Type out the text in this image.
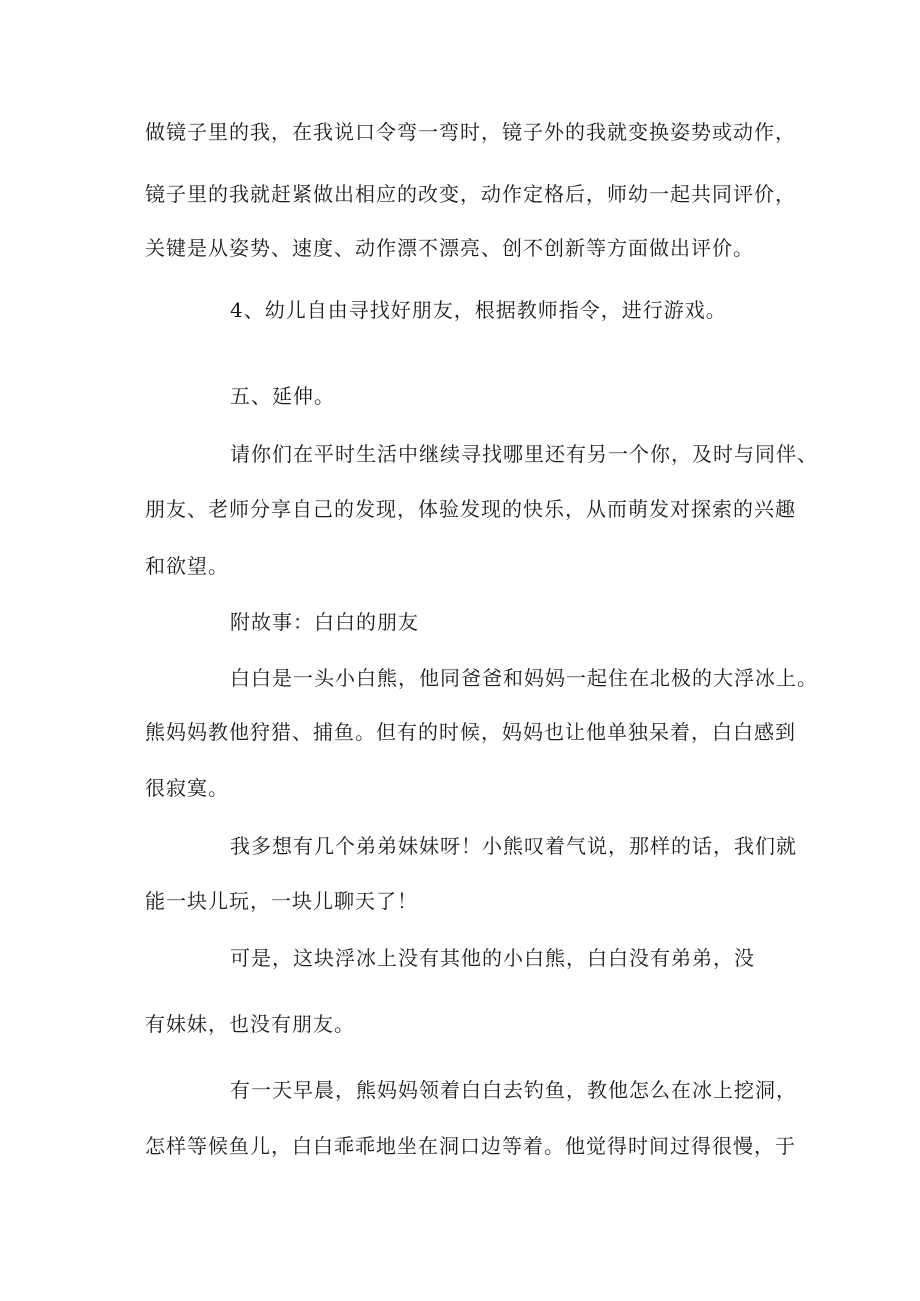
做镜子里的我，在我说口令弯一弯时，镜子外的我就变换姿势或动作，
镜子里的我就赶紧做出相应的改变，动作定格后，师幼一起共同评价，
关键是从姿势、速度、动作漂不漂亮、创不创新等方面做出评价。
4、幼儿自由寻找好朋友，根据教师指令，进行游戏。
五、延伸。
请你们在平时生活中继续寻找哪里还有另一个你，及时与同伴、
朋友、老师分享自己的发现，体验发现的快乐，从而萌发对探索的兴趣
和欲望。
附故事：白白的朋友
白白是一头小白熊，他同爸爸和妈妈一起住在北极的大浮冰上。
熊妈妈教他狩猎、捕鱼。但有的时候，妈妈也让他单独呆着，白白感到
很寂寞。
我多想有几个弟弟妹妹呀！小熊叹着气说，那样的话，我们就
能一块儿玩，一块儿聊天了！
可是，这块浮冰上没有其他的小白熊，白白没有弟弟，没
有妹妹，也没有朋友。
有一天早晨，熊妈妈领着白白去钓鱼，教他怎么在冰上挖洞，
怎样等候鱼儿，白白乖乖地坐在洞口边等着。他觉得时间过得很慢，于
